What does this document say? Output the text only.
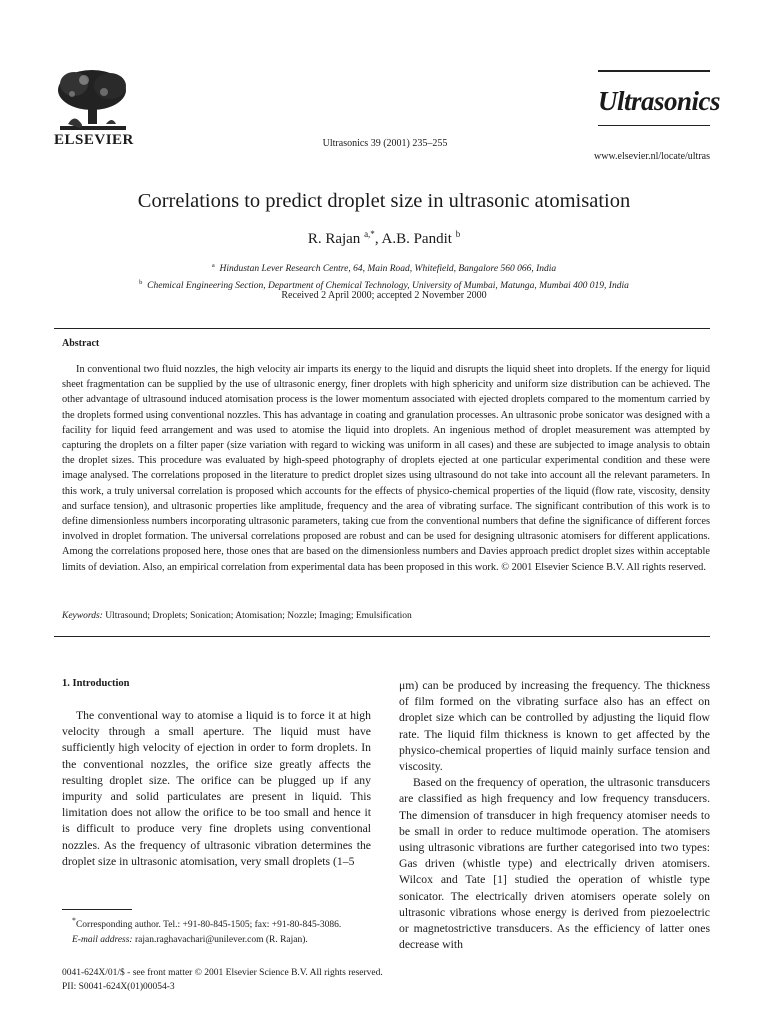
ELSEVIER	Ultrasonics 39 (2001) 235–255
Ultrasonics
www.elsevier.nl/locate/ultras
Correlations to predict droplet size in ultrasonic atomisation
R. Rajan $^{a,*}$, A.B. Pandit $^b$
$^a$ Hindustan Lever Research Centre, 64, Main Road, Whitefield, Bangalore 560 066, India
$^b$ Chemical Engineering Section, Department of Chemical Technology, University of Mumbai, Matunga, Mumbai 400 019, India
Received 2 April 2000; accepted 2 November 2000
Abstract
In conventional two fluid nozzles, the high velocity air imparts its energy to the liquid and disrupts the liquid sheet into droplets. If the energy for liquid sheet fragmentation can be supplied by the use of ultrasonic energy, finer droplets with high sphericity and uniform size distribution can be achieved. The other advantage of ultrasound induced atomisation process is the lower momentum associated with ejected droplets compared to the momentum carried by the droplets formed using conventional nozzles. This has advantage in coating and granulation processes. An ultrasonic probe sonicator was designed with a facility for liquid feed arrangement and was used to atomise the liquid into droplets. An ingenious method of droplet measurement was attempted by capturing the droplets on a filter paper (size variation with regard to wicking was uniform in all cases) and these are subjected to image analysis to obtain the droplet sizes. This procedure was evaluated by high-speed photography of droplets ejected at one particular experimental condition and these were image analysed. The correlations proposed in the literature to predict droplet sizes using ultrasound do not take into account all the relevant parameters. In this work, a truly universal correlation is proposed which accounts for the effects of physico-chemical properties of the liquid (flow rate, viscosity, density and surface tension), and ultrasonic properties like amplitude, frequency and the area of vibrating surface. The significant contribution of this work is to define dimensionless numbers incorporating ultrasonic parameters, taking cue from the conventional numbers that define the significance of different forces involved in droplet formation. The universal correlations proposed are robust and can be used for designing ultrasonic atomisers for different applications. Among the correlations proposed here, those ones that are based on the dimensionless numbers and Davies approach predict droplet sizes within acceptable limits of deviation. Also, an empirical correlation from experimental data has been proposed in this work. © 2001 Elsevier Science B.V. All rights reserved.
Keywords: Ultrasound; Droplets; Sonication; Atomisation; Nozzle; Imaging; Emulsification
1. Introduction
The conventional way to atomise a liquid is to force it at high velocity through a small aperture. The liquid must have sufficiently high velocity of ejection in order to form droplets. In the conventional nozzles, the orifice size greatly affects the resulting droplet size. The orifice can be plugged up if any impurity and solid particulates are present in liquid. This limitation does not allow the orifice to be too small and hence it is difficult to produce very fine droplets using conventional nozzles. As the frequency of ultrasonic vibration determines the droplet size in ultrasonic atomisation, very small droplets (1–5

μm) can be produced by increasing the frequency. The thickness of film formed on the vibrating surface also has an effect on droplet size which can be controlled by adjusting the liquid flow rate. The liquid film thickness is known to get affected by the physico-chemical properties of liquid mainly surface tension and viscosity.

Based on the frequency of operation, the ultrasonic transducers are classified as high frequency and low frequency transducers. The dimension of transducer in high frequency atomiser needs to be small in order to reduce multimode operation. The atomisers using ultrasonic vibrations are further categorised into two types: Gas driven (whistle type) and electrically driven atomisers. Wilcox and Tate [1] studied the operation of whistle type sonicator. The electrically driven atomisers operate solely on ultrasonic vibrations whose energy is derived from piezoelectric or magnetostrictive transducers. As the efficiency of latter ones decrease with

*Corresponding author. Tel.: +91-80-845-1505; fax: +91-80-845-3086.
E-mail address: rajan.raghavachari@unilever.com (R. Rajan).
0041-624X/01/$ - see front matter © 2001 Elsevier Science B.V. All rights reserved.
PII: S0041-624X(01)00054-3
